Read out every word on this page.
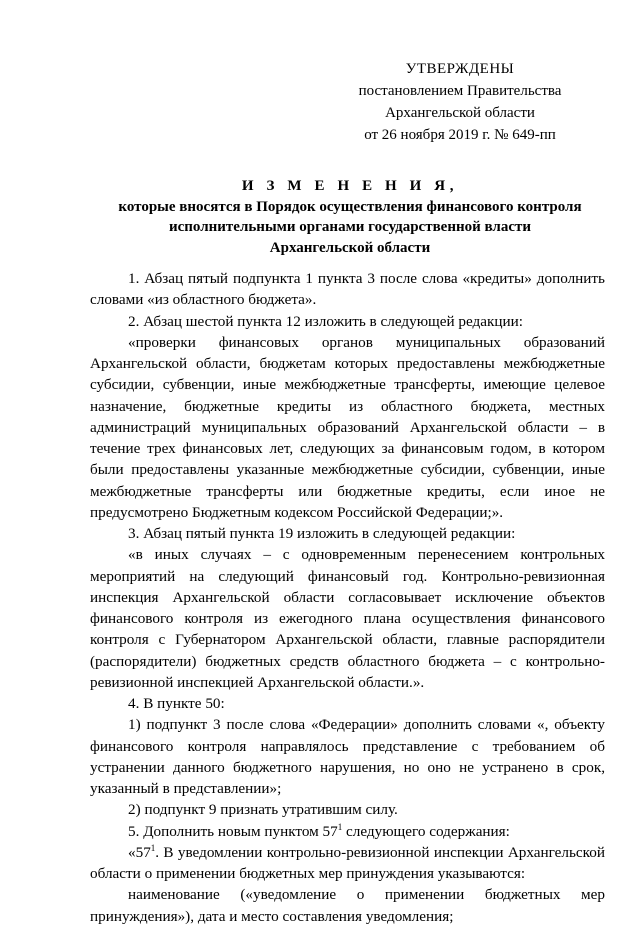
УТВЕРЖДЕНЫ
постановлением Правительства
Архангельской области
от 26 ноября 2019 г. № 649-пп
И З М Е Н Е Н И Я,
которые вносятся в Порядок осуществления финансового контроля
исполнительными органами государственной власти
Архангельской области

1. Абзац пятый подпункта 1 пункта 3 после слова «кредиты» дополнить словами «из областного бюджета».

2. Абзац шестой пункта 12 изложить в следующей редакции:

«проверки финансовых органов муниципальных образований Архангельской области, бюджетам которых предоставлены межбюджетные субсидии, субвенции, иные межбюджетные трансферты, имеющие целевое назначение, бюджетные кредиты из областного бюджета, местных администраций муниципальных образований Архангельской области – в течение трех финансовых лет, следующих за финансовым годом, в котором были предоставлены указанные межбюджетные субсидии, субвенции, иные межбюджетные трансферты или бюджетные кредиты, если иное не предусмотрено Бюджетным кодексом Российской Федерации;».

3. Абзац пятый пункта 19 изложить в следующей редакции:

«в иных случаях – с одновременным перенесением контрольных мероприятий на следующий финансовый год. Контрольно-ревизионная инспекция Архангельской области согласовывает исключение объектов финансового контроля из ежегодного плана осуществления финансового контроля с Губернатором Архангельской области, главные распорядители (распорядители) бюджетных средств областного бюджета – с контрольно-ревизионной инспекцией Архангельской области.».

4. В пункте 50:

1) подпункт 3 после слова «Федерации» дополнить словами «, объекту финансового контроля направлялось представление с требованием об устранении данного бюджетного нарушения, но оно не устранено в срок, указанный в представлении»;

2) подпункт 9 признать утратившим силу.

5. Дополнить новым пунктом $57^1$ следующего содержания:

«$57^1$. В уведомлении контрольно-ревизионной инспекции Архангельской области о применении бюджетных мер принуждения указываются:

наименование («уведомление о применении бюджетных мер принуждения»), дата и место составления уведомления;
